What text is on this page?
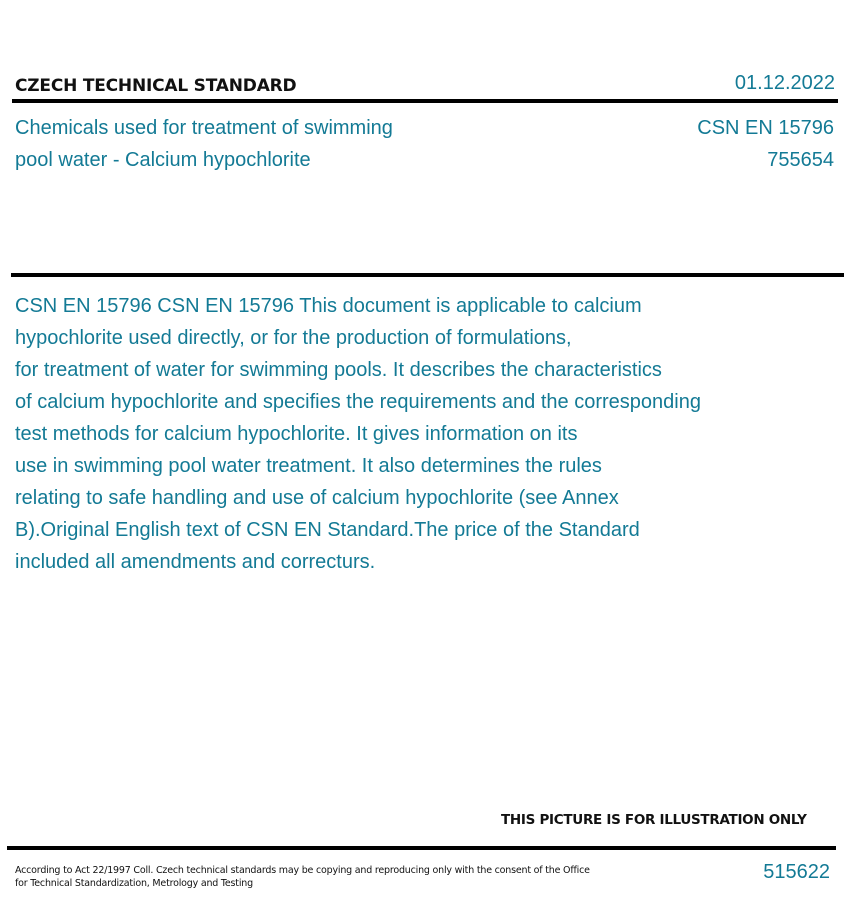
CZECH TECHNICAL STANDARD	01.12.2022
Chemicals used for treatment of swimming
pool water - Calcium hypochlorite
CSN EN 15796
755654
CSN EN 15796 CSN EN 15796 This document is applicable to calcium
hypochlorite used directly, or for the production of formulations,
for treatment of water for swimming pools. It describes the characteristics
of calcium hypochlorite and specifies the requirements and the corresponding
test methods for calcium hypochlorite. It gives information on its
use in swimming pool water treatment. It also determines the rules
relating to safe handling and use of calcium hypochlorite (see Annex
B).Original English text of CSN EN Standard.The price of the Standard
included all amendments and correcturs.
THIS PICTURE IS FOR ILLUSTRATION ONLY
According to Act 22/1997 Coll. Czech technical standards may be copying and reproducing only with the consent of the Office
for Technical Standardization, Metrology and Testing
515622
